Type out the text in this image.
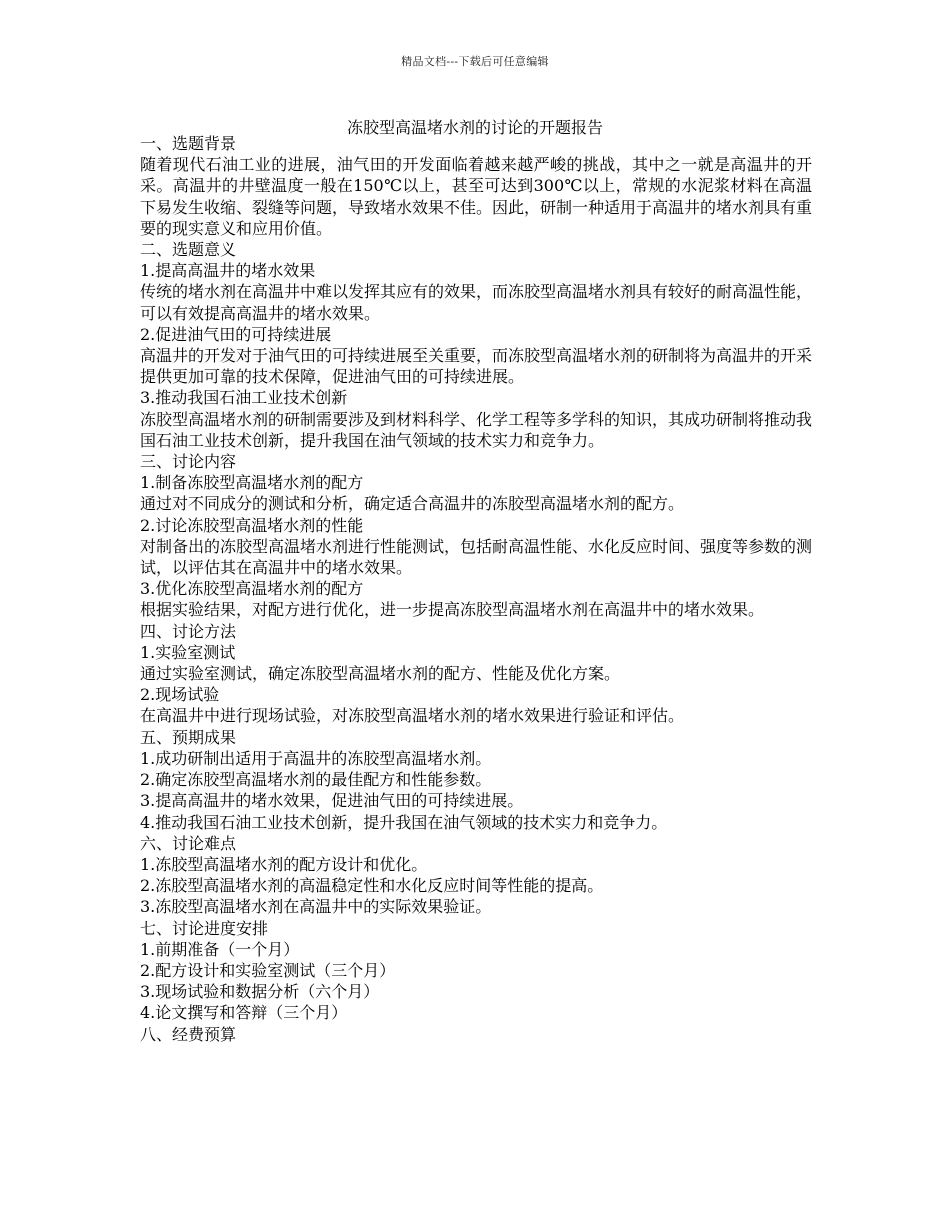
精品文档---下载后可任意编辑
冻胶型高温堵水剂的讨论的开题报告

一、选题背景

随着现代石油工业的进展，油气田的开发面临着越来越严峻的挑战，其中之一就是高温井的开采。高温井的井壁温度一般在150℃以上，甚至可达到300℃以上，常规的水泥浆材料在高温下易发生收缩、裂缝等问题，导致堵水效果不佳。因此，研制一种适用于高温井的堵水剂具有重要的现实意义和应用价值。

二、选题意义

1.提高高温井的堵水效果

传统的堵水剂在高温井中难以发挥其应有的效果，而冻胶型高温堵水剂具有较好的耐高温性能，可以有效提高高温井的堵水效果。

2.促进油气田的可持续进展

高温井的开发对于油气田的可持续进展至关重要，而冻胶型高温堵水剂的研制将为高温井的开采提供更加可靠的技术保障，促进油气田的可持续进展。

3.推动我国石油工业技术创新

冻胶型高温堵水剂的研制需要涉及到材料科学、化学工程等多学科的知识，其成功研制将推动我国石油工业技术创新，提升我国在油气领域的技术实力和竞争力。

三、讨论内容

1.制备冻胶型高温堵水剂的配方

通过对不同成分的测试和分析，确定适合高温井的冻胶型高温堵水剂的配方。

2.讨论冻胶型高温堵水剂的性能

对制备出的冻胶型高温堵水剂进行性能测试，包括耐高温性能、水化反应时间、强度等参数的测试，以评估其在高温井中的堵水效果。

3.优化冻胶型高温堵水剂的配方

根据实验结果，对配方进行优化，进一步提高冻胶型高温堵水剂在高温井中的堵水效果。

四、讨论方法

1.实验室测试

通过实验室测试，确定冻胶型高温堵水剂的配方、性能及优化方案。

2.现场试验

在高温井中进行现场试验，对冻胶型高温堵水剂的堵水效果进行验证和评估。

五、预期成果

1.成功研制出适用于高温井的冻胶型高温堵水剂。

2.确定冻胶型高温堵水剂的最佳配方和性能参数。

3.提高高温井的堵水效果，促进油气田的可持续进展。

4.推动我国石油工业技术创新，提升我国在油气领域的技术实力和竞争力。

六、讨论难点

1.冻胶型高温堵水剂的配方设计和优化。

2.冻胶型高温堵水剂的高温稳定性和水化反应时间等性能的提高。

3.冻胶型高温堵水剂在高温井中的实际效果验证。

七、讨论进度安排

1.前期准备（一个月）

2.配方设计和实验室测试（三个月）

3.现场试验和数据分析（六个月）

4.论文撰写和答辩（三个月）

八、经费预算
